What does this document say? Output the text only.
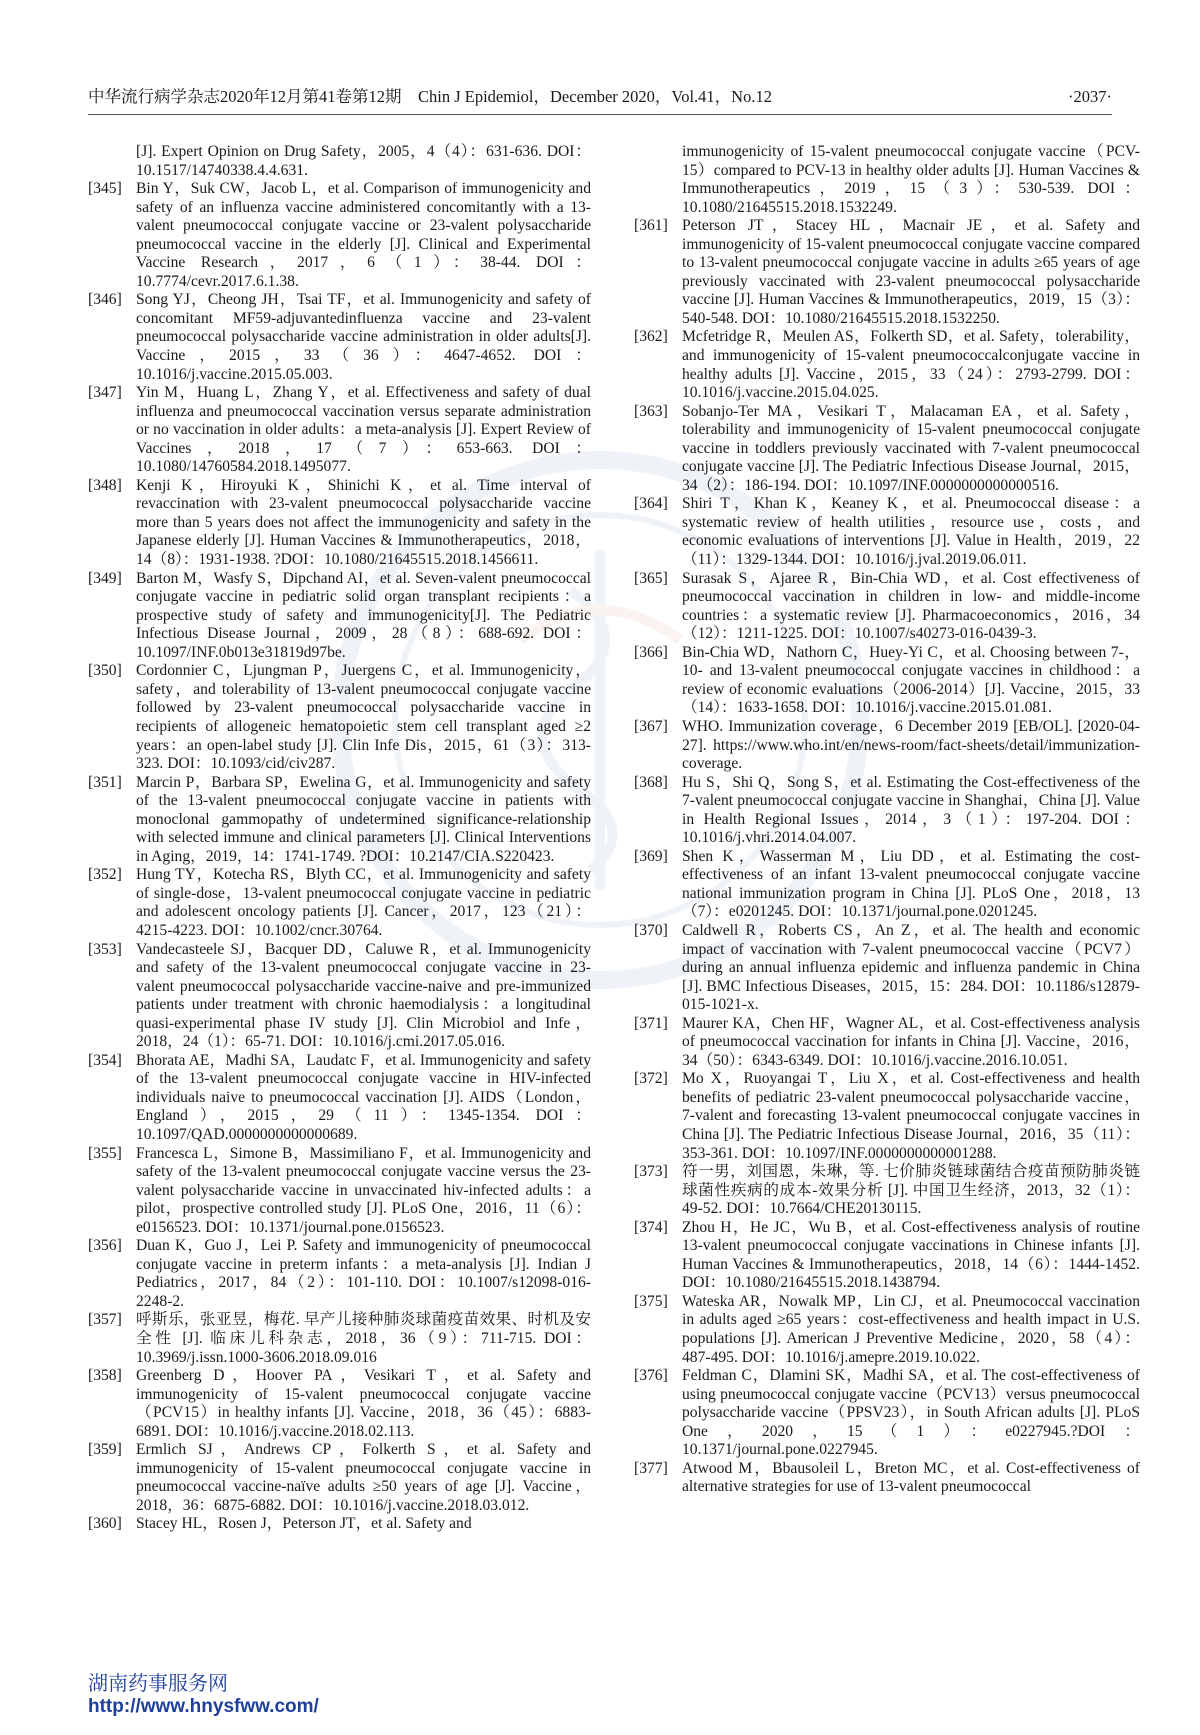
中华流行病学杂志2020年12月第41卷第12期　Chin J Epidemiol，December 2020，Vol.41，No.12	·2037·
[J]. Expert Opinion on Drug Safety，2005，4（4）：631-636. DOI：10.1517/14740338.4.4.631.
[345] Bin Y，Suk CW，Jacob L，et al. Comparison of immunogenicity and safety of an influenza vaccine administered concomitantly with a 13-valent pneumococcal conjugate vaccine or 23-valent polysaccharide pneumococcal vaccine in the elderly [J]. Clinical and Experimental Vaccine Research，2017，6（1）：38-44. DOI：10.7774/cevr.2017.6.1.38.
[346] Song YJ，Cheong JH，Tsai TF，et al. Immunogenicity and safety of concomitant MF59-adjuvantedinfluenza vaccine and 23-valent pneumococcal polysaccharide vaccine administration in older adults[J]. Vaccine，2015，33（36）：4647-4652. DOI：10.1016/j.vaccine.2015.05.003.
[347] Yin M，Huang L，Zhang Y，et al. Effectiveness and safety of dual influenza and pneumococcal vaccination versus separate administration or no vaccination in older adults：a meta-analysis [J]. Expert Review of Vaccines，2018，17（7）：653-663. DOI：10.1080/14760584.2018.1495077.
[348] Kenji K，Hiroyuki K，Shinichi K，et al. Time interval of revaccination with 23-valent pneumococcal polysaccharide vaccine more than 5 years does not affect the immunogenicity and safety in the Japanese elderly [J]. Human Vaccines & Immunotherapeutics，2018，14（8）：1931-1938. ?DOI：10.1080/21645515.2018.1456611.
[349] Barton M，Wasfy S，Dipchand AI，et al. Seven-valent pneumococcal conjugate vaccine in pediatric solid organ transplant recipients：a prospective study of safety and immunogenicity[J]. The Pediatric Infectious Disease Journal，2009，28（8）：688-692. DOI：10.1097/INF.0b013e31819d97be.
[350] Cordonnier C，Ljungman P，Juergens C，et al. Immunogenicity，safety，and tolerability of 13-valent pneumococcal conjugate vaccine followed by 23-valent pneumococcal polysaccharide vaccine in recipients of allogeneic hematopoietic stem cell transplant aged ≥2 years：an open-label study [J]. Clin Infe Dis，2015，61（3）：313-323. DOI：10.1093/cid/civ287.
[351] Marcin P，Barbara SP，Ewelina G，et al. Immunogenicity and safety of the 13-valent pneumococcal conjugate vaccine in patients with monoclonal gammopathy of undetermined significance-relationship with selected immune and clinical parameters [J]. Clinical Interventions in Aging，2019，14：1741-1749. ?DOI：10.2147/CIA.S220423.
[352] Hung TY，Kotecha RS，Blyth CC，et al. Immunogenicity and safety of single-dose，13-valent pneumococcal conjugate vaccine in pediatric and adolescent oncology patients [J]. Cancer，2017，123（21）：4215-4223. DOI：10.1002/cncr.30764.
[353] Vandecasteele SJ，Bacquer DD，Caluwe R，et al. Immunogenicity and safety of the 13-valent pneumococcal conjugate vaccine in 23-valent pneumococcal polysaccharide vaccine-naive and pre-immunized patients under treatment with chronic haemodialysis：a longitudinal quasi-experimental phase IV study [J]. Clin Microbiol and Infe，2018，24（1）：65-71. DOI：10.1016/j.cmi.2017.05.016.
[354] Bhorata AE，Madhi SA，Laudatc F，et al. Immunogenicity and safety of the 13-valent pneumococcal conjugate vaccine in HIV-infected individuals naive to pneumococcal vaccination [J]. AIDS（London，England），2015，29（11）：1345-1354. DOI：10.1097/QAD.0000000000000689.
[355] Francesca L，Simone B，Massimiliano F，et al. Immunogenicity and safety of the 13-valent pneumococcal conjugate vaccine versus the 23-valent polysaccharide vaccine in unvaccinated hiv-infected adults：a pilot，prospective controlled study [J]. PLoS One，2016，11（6）：e0156523. DOI：10.1371/journal.pone.0156523.
[356] Duan K，Guo J，Lei P. Safety and immunogenicity of pneumococcal conjugate vaccine in preterm infants：a meta-analysis [J]. Indian J Pediatrics，2017，84（2）：101-110. DOI：10.1007/s12098-016-2248-2.
[357] 呼斯乐，张亚昱，梅花. 早产儿接种肺炎球菌疫苗效果、时机及安全性 [J]. 临床儿科杂志，2018，36（9）：711-715. DOI：10.3969/j.issn.1000-3606.2018.09.016
[358] Greenberg D，Hoover PA，Vesikari T，et al. Safety and immunogenicity of 15-valent pneumococcal conjugate vaccine（PCV15）in healthy infants [J]. Vaccine，2018，36（45）：6883-6891. DOI：10.1016/j.vaccine.2018.02.113.
[359] Ermlich SJ，Andrews CP，Folkerth S，et al. Safety and immunogenicity of 15-valent pneumococcal conjugate vaccine in pneumococcal vaccine-naïve adults ≥50 years of age [J]. Vaccine，2018，36：6875-6882. DOI：10.1016/j.vaccine.2018.03.012.
[360] Stacey HL，Rosen J，Peterson JT，et al. Safety and
immunogenicity of 15-valent pneumococcal conjugate vaccine（PCV-15）compared to PCV-13 in healthy older adults [J]. Human Vaccines & Immunotherapeutics，2019，15（3）：530-539. DOI：10.1080/21645515.2018.1532249.
[361] Peterson JT，Stacey HL，Macnair JE，et al. Safety and immunogenicity of 15-valent pneumococcal conjugate vaccine compared to 13-valent pneumococcal conjugate vaccine in adults ≥65 years of age previously vaccinated with 23-valent pneumococcal polysaccharide vaccine [J]. Human Vaccines & Immunotherapeutics，2019，15（3）：540-548. DOI：10.1080/21645515.2018.1532250.
[362] Mcfetridge R，Meulen AS，Folkerth SD，et al. Safety，tolerability，and immunogenicity of 15-valent pneumococcalconjugate vaccine in healthy adults [J]. Vaccine，2015，33（24）：2793-2799. DOI：10.1016/j.vaccine.2015.04.025.
[363] Sobanjo-Ter MA，Vesikari T，Malacaman EA，et al. Safety，tolerability and immunogenicity of 15-valent pneumococcal conjugate vaccine in toddlers previously vaccinated with 7-valent pneumococcal conjugate vaccine [J]. The Pediatric Infectious Disease Journal，2015，34（2）：186-194. DOI：10.1097/INF.0000000000000516.
[364] Shiri T，Khan K，Keaney K，et al. Pneumococcal disease：a systematic review of health utilities，resource use，costs，and economic evaluations of interventions [J]. Value in Health，2019，22（11）：1329-1344. DOI：10.1016/j.jval.2019.06.011.
[365] Surasak S，Ajaree R，Bin-Chia WD，et al. Cost effectiveness of pneumococcal vaccination in children in low- and middle-income countries：a systematic review [J]. Pharmacoeconomics，2016，34（12）：1211-1225. DOI：10.1007/s40273-016-0439-3.
[366] Bin-Chia WD，Nathorn C，Huey-Yi C，et al. Choosing between 7-，10- and 13-valent pneumococcal conjugate vaccines in childhood：a review of economic evaluations（2006-2014）[J]. Vaccine，2015，33（14）：1633-1658. DOI：10.1016/j.vaccine.2015.01.081.
[367] WHO. Immunization coverage，6 December 2019 [EB/OL]. [2020-04-27]. https://www.who.int/en/news-room/fact-sheets/detail/immunization-coverage.
[368] Hu S，Shi Q，Song S，et al. Estimating the Cost-effectiveness of the 7-valent pneumococcal conjugate vaccine in Shanghai，China [J]. Value in Health Regional Issues，2014，3（1）：197-204. DOI：10.1016/j.vhri.2014.04.007.
[369] Shen K，Wasserman M，Liu DD，et al. Estimating the cost-effectiveness of an infant 13-valent pneumococcal conjugate vaccine national immunization program in China [J]. PLoS One，2018，13（7）：e0201245. DOI：10.1371/journal.pone.0201245.
[370] Caldwell R，Roberts CS，An Z，et al. The health and economic impact of vaccination with 7-valent pneumococcal vaccine（PCV7）during an annual influenza epidemic and influenza pandemic in China [J]. BMC Infectious Diseases，2015，15：284. DOI：10.1186/s12879-015-1021-x.
[371] Maurer KA，Chen HF，Wagner AL，et al. Cost-effectiveness analysis of pneumococcal vaccination for infants in China [J]. Vaccine，2016，34（50）：6343-6349. DOI：10.1016/j.vaccine.2016.10.051.
[372] Mo X，Ruoyangai T，Liu X，et al. Cost-effectiveness and health benefits of pediatric 23-valent pneumococcal polysaccharide vaccine，7-valent and forecasting 13-valent pneumococcal conjugate vaccines in China [J]. The Pediatric Infectious Disease Journal，2016，35（11）：353-361. DOI：10.1097/INF.0000000000001288.
[373] 符一男，刘国恩，朱琳，等. 七价肺炎链球菌结合疫苗预防肺炎链球菌性疾病的成本-效果分析 [J]. 中国卫生经济，2013，32（1）：49-52. DOI：10.7664/CHE20130115.
[374] Zhou H，He JC，Wu B，et al. Cost-effectiveness analysis of routine 13-valent pneumococcal conjugate vaccinations in Chinese infants [J]. Human Vaccines & Immunotherapeutics，2018，14（6）：1444-1452. DOI：10.1080/21645515.2018.1438794.
[375] Wateska AR，Nowalk MP，Lin CJ，et al. Pneumococcal vaccination in adults aged ≥65 years：cost-effectiveness and health impact in U.S. populations [J]. American J Preventive Medicine，2020，58（4）：487-495. DOI：10.1016/j.amepre.2019.10.022.
[376] Feldman C，Dlamini SK，Madhi SA，et al. The cost-effectiveness of using pneumococcal conjugate vaccine（PCV13）versus pneumococcal polysaccharide vaccine（PPSV23），in South African adults [J]. PLoS One，2020，15（1）：e0227945.?DOI：10.1371/journal.pone.0227945.
[377] Atwood M，Bbausoleil L，Breton MC，et al. Cost-effectiveness of alternative strategies for use of 13-valent pneumococcal
湖南药事服务网
http://www.hnysfww.com/
